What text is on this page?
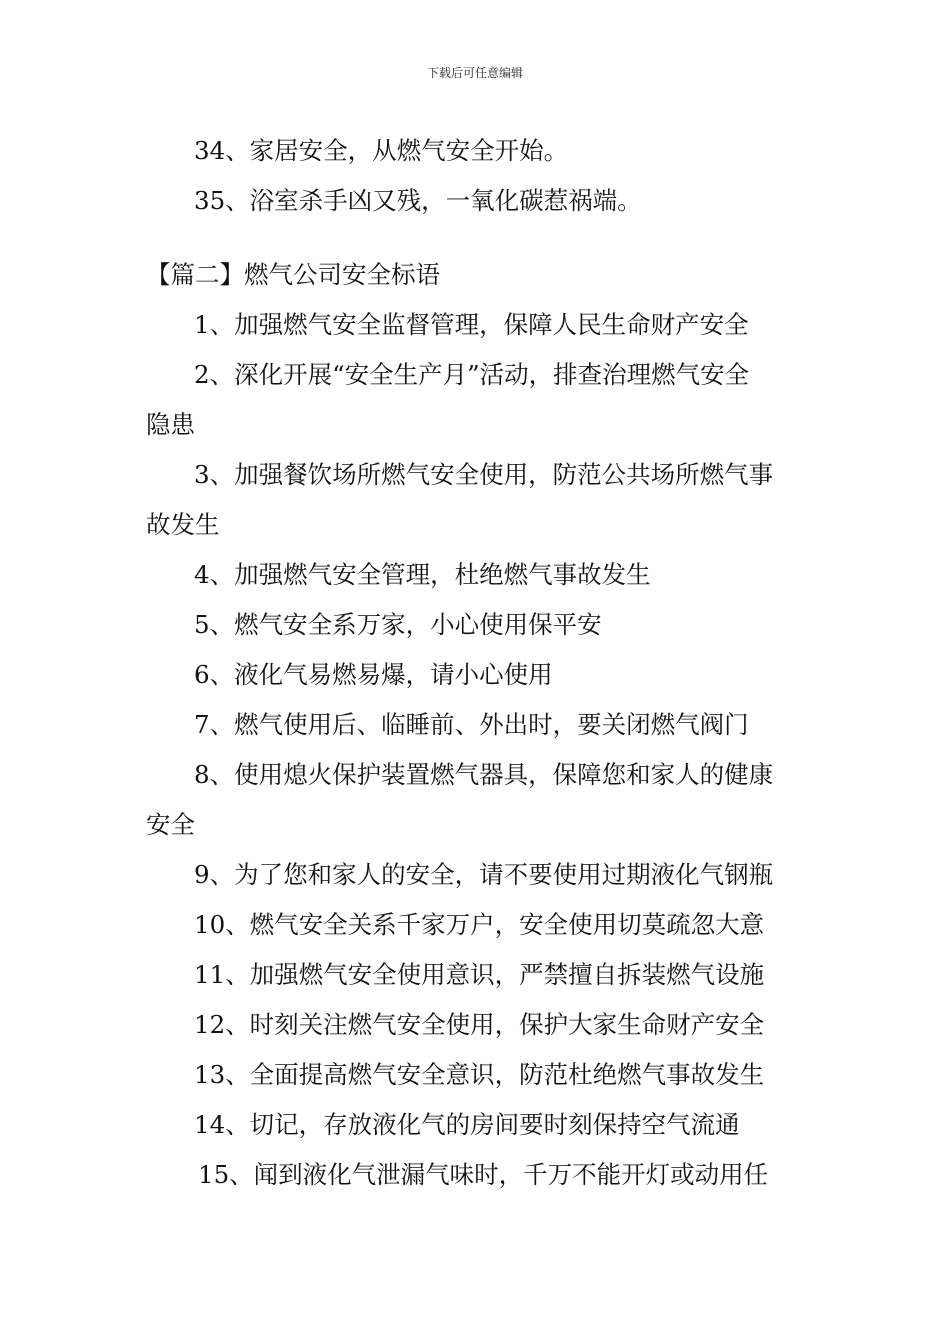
下载后可任意编辑
34、家居安全，从燃气安全开始。
35、浴室杀手凶又残，一氧化碳惹祸端。
【篇二】燃气公司安全标语
1、加强燃气安全监督管理，保障人民生命财产安全
2、深化开展“安全生产月”活动，排查治理燃气安全
隐患
3、加强餐饮场所燃气安全使用，防范公共场所燃气事
故发生
4、加强燃气安全管理，杜绝燃气事故发生
5、燃气安全系万家，小心使用保平安
6、液化气易燃易爆，请小心使用
7、燃气使用后、临睡前、外出时，要关闭燃气阀门
8、使用熄火保护装置燃气器具，保障您和家人的健康
安全
9、为了您和家人的安全，请不要使用过期液化气钢瓶
10、燃气安全关系千家万户，安全使用切莫疏忽大意
11、加强燃气安全使用意识，严禁擅自拆装燃气设施
12、时刻关注燃气安全使用，保护大家生命财产安全
13、全面提高燃气安全意识，防范杜绝燃气事故发生
14、切记，存放液化气的房间要时刻保持空气流通
15、闻到液化气泄漏气味时，千万不能开灯或动用任
